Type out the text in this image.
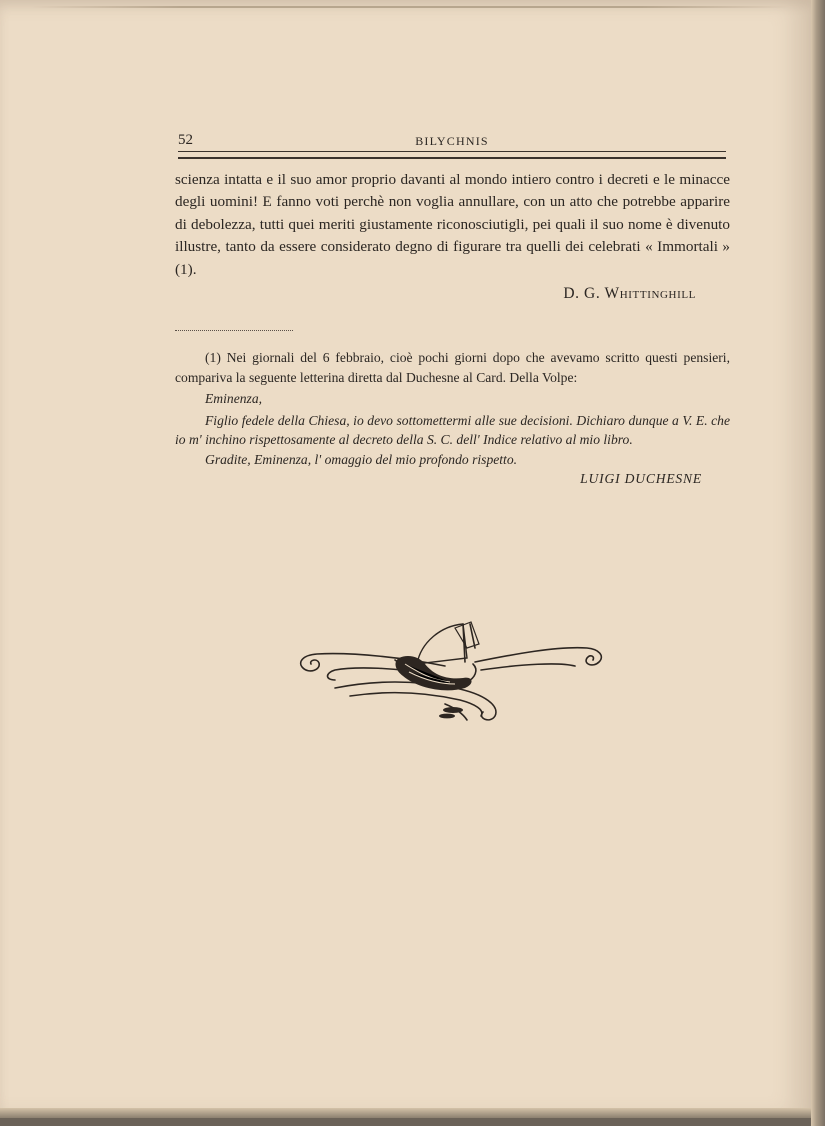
52	BILYCHNIS

scienza intatta e il suo amor proprio davanti al mondo intiero contro i decreti e le minacce degli uomini! E fanno voti perchè non voglia annullare, con un atto che potrebbe apparire di debolezza, tutti quei meriti giustamente riconosciutigli, pei quali il suo nome è divenuto illustre, tanto da essere considerato degno di figurare tra quelli dei celebrati « Immortali » (1).

D. G. Whittinghill

(1) Nei giornali del 6 febbraio, cioè pochi giorni dopo che avevamo scritto questi pensieri, compariva la seguente letterina diretta dal Duchesne al Card. Della Volpe:

Eminenza,

Figlio fedele della Chiesa, io devo sottomettermi alle sue decisioni. Dichiaro dunque a V. E. che io m' inchino rispettosamente al decreto della S. C. dell' Indice relativo al mio libro.

Gradite, Eminenza, l' omaggio del mio profondo rispetto.

LUIGI DUCHESNE
